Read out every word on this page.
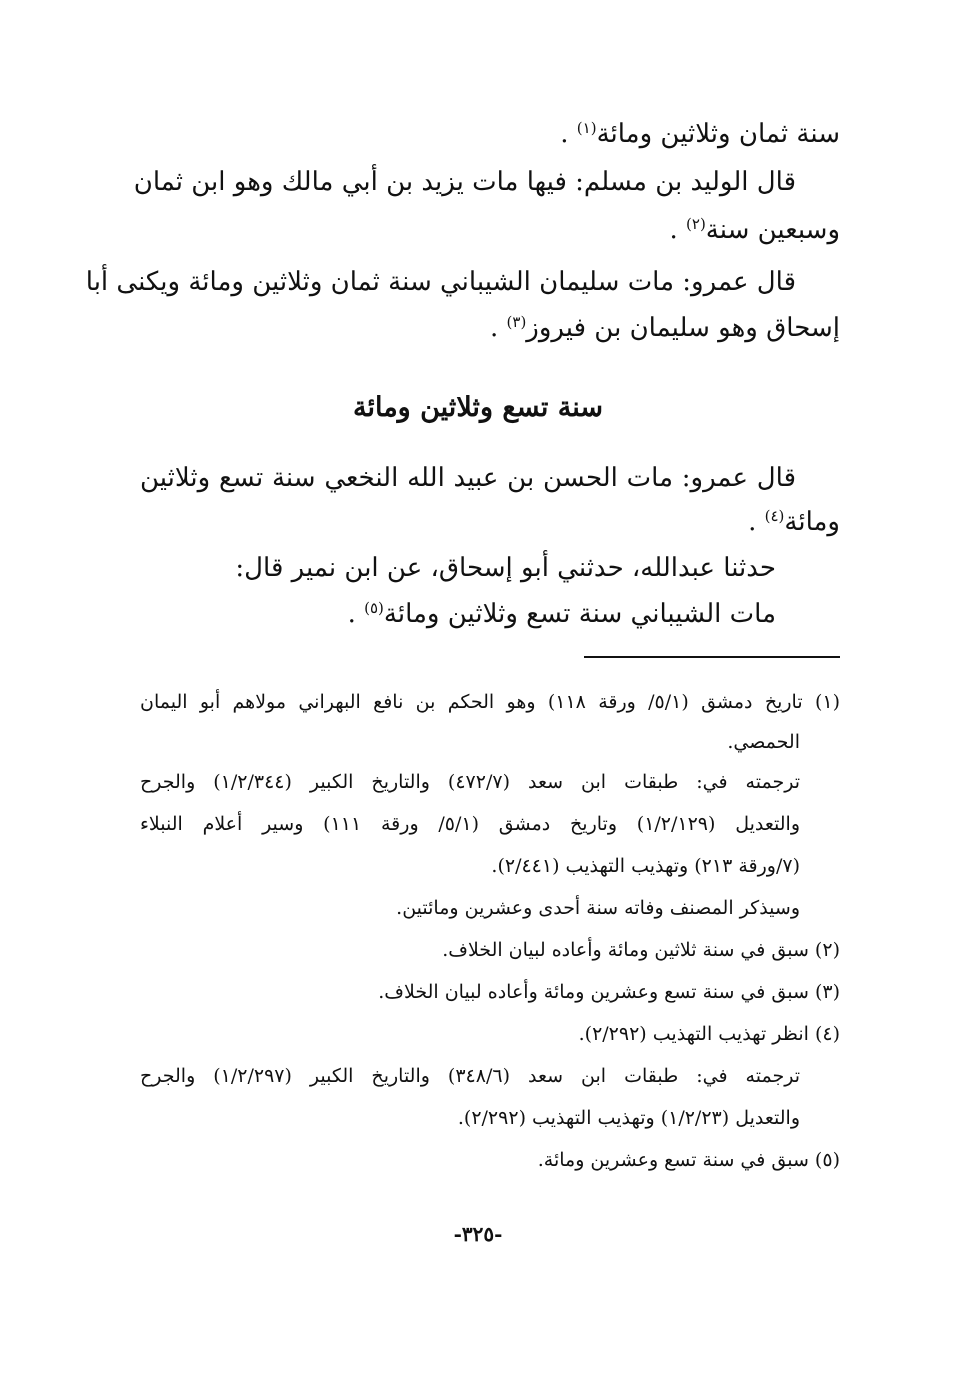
سنة ثمان وثلاثين ومائة$^{(١)}$ .
قال الوليد بن مسلم: فيها مات يزيد بن أبي مالك وهو ابن ثمان
وسبعين سنة$^{(٢)}$ .
قال عمرو: مات سليمان الشيباني سنة ثمان وثلاثين ومائة ويكنى أبا
إسحاق وهو سليمان بن فيروز$^{(٣)}$ .
سنة تسع وثلاثين ومائة
قال عمرو: مات الحسن بن عبيد الله النخعي سنة تسع وثلاثين
ومائة$^{(٤)}$ .
حدثنا عبدالله، حدثني أبو إسحاق، عن ابن نمير قال:
مات الشيباني سنة تسع وثلاثين ومائة$^{(٥)}$ .
(١) تاريخ دمشق (٥/١/ ورقة ١١٨) وهو الحكم بن نافع البهراني مولاهم أبو اليمان
الحمصي.
ترجمته في: طبقات ابن سعد (٤٧٢/٧) والتاريخ الكبير (١/٢/٣٤٤) والجرح
والتعديل (١/٢/١٢٩) وتاريخ دمشق (٥/١/ ورقة ١١١) وسير أعلام النبلاء
(٧/ورقة ٢١٣) وتهذيب التهذيب (٢/٤٤١).
وسيذكر المصنف وفاته سنة أحدى وعشرين ومائتين.
(٢) سبق في سنة ثلاثين ومائة وأعاده لبيان الخلاف.
(٣) سبق في سنة تسع وعشرين ومائة وأعاده لبيان الخلاف.
(٤) انظر تهذيب التهذيب (٢/٢٩٢).
ترجمته في: طبقات ابن سعد (٣٤٨/٦) والتاريخ الكبير (١/٢/٢٩٧) والجرح
والتعديل (١/٢/٢٣) وتهذيب التهذيب (٢/٢٩٢).
(٥) سبق في سنة تسع وعشرين ومائة.
-٣٢٥-
